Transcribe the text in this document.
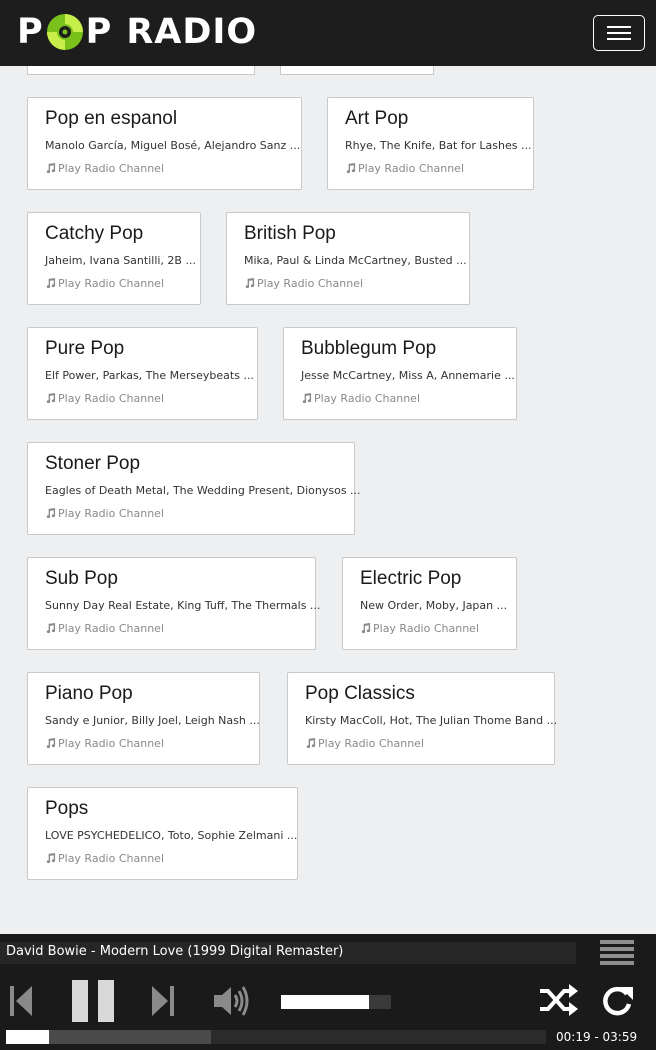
P P RADIO
Pop en espanol
Manolo García, Miguel Bosé, Alejandro Sanz ...
Play Radio Channel
Art Pop
Rhye, The Knife, Bat for Lashes ...
Play Radio Channel
Catchy Pop
Jaheim, Ivana Santilli, 2B ...
Play Radio Channel
British Pop
Mika, Paul & Linda McCartney, Busted ...
Play Radio Channel
Pure Pop
Elf Power, Parkas, The Merseybeats ...
Play Radio Channel
Bubblegum Pop
Jesse McCartney, Miss A, Annemarie ...
Play Radio Channel
Stoner Pop
Eagles of Death Metal, The Wedding Present, Dionysos ...
Play Radio Channel
Sub Pop
Sunny Day Real Estate, King Tuff, The Thermals ...
Play Radio Channel
Electric Pop
New Order, Moby, Japan ...
Play Radio Channel
Piano Pop
Sandy e Junior, Billy Joel, Leigh Nash ...
Play Radio Channel
Pop Classics
Kirsty MacColl, Hot, The Julian Thome Band ...
Play Radio Channel
Pops
LOVE PSYCHEDELICO, Toto, Sophie Zelmani ...
Play Radio Channel
David Bowie - Modern Love (1999 Digital Remaster)
00:19 - 03:59
